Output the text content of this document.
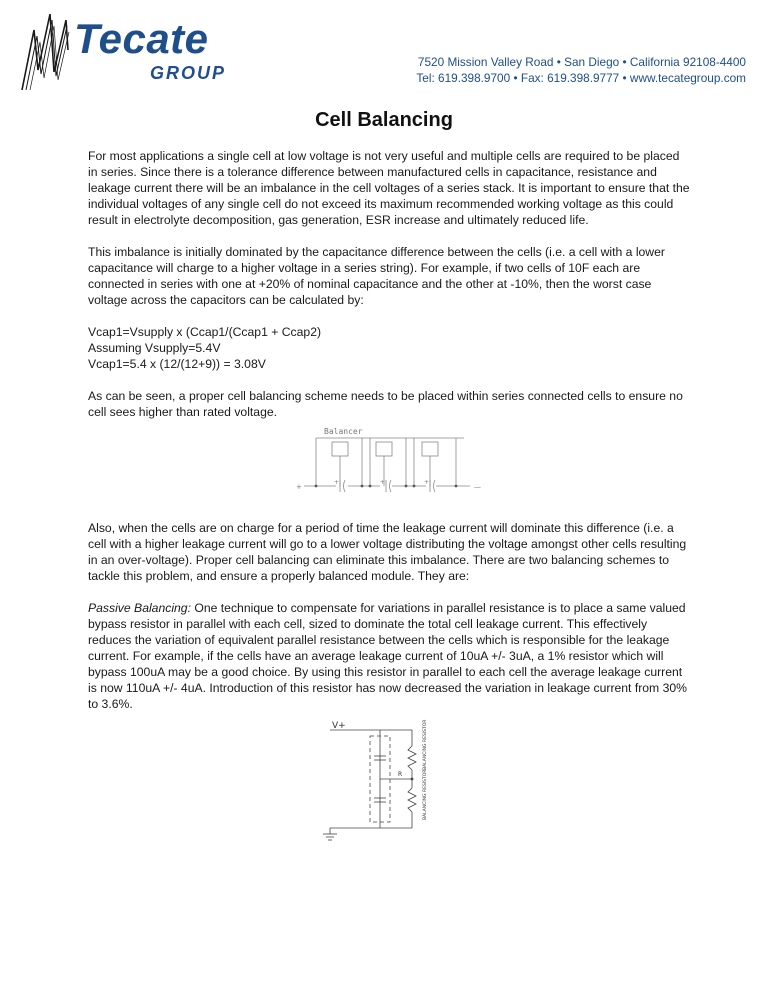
Tecate
GROUP
7520 Mission Valley Road • San Diego • California 92108-4400
Tel: 619.398.9700 • Fax: 619.398.9777 • www.tecategroup.com
Cell Balancing

For most applications a single cell at low voltage is not very useful and multiple cells are required to be placed in series. Since there is a tolerance difference between manufactured cells in capacitance, resistance and leakage current there will be an imbalance in the cell voltages of a series stack. It is important to ensure that the individual voltages of any single cell do not exceed its maximum recommended working voltage as this could result in electrolyte decomposition, gas generation, ESR increase and ultimately reduced life.

This imbalance is initially dominated by the capacitance difference between the cells (i.e. a cell with a lower capacitance will charge to a higher voltage in a series string). For example, if two cells of 10F each are connected in series with one at +20% of nominal capacitance and the other at -10%, then the worst case voltage across the capacitors can be calculated by:

Vcap1=Vsupply x (Ccap1/(Ccap1 + Ccap2)

Assuming Vsupply=5.4V

Vcap1=5.4 x (12/(12+9)) = 3.08V

As can be seen, a proper cell balancing scheme needs to be placed within series connected cells to ensure no cell sees higher than rated voltage.

Balancer
+
+	+	+
—

Also, when the cells are on charge for a period of time the leakage current will dominate this difference (i.e. a cell with a higher leakage current will go to a lower voltage distributing the voltage amongst other cells resulting in an over-voltage). Proper cell balancing can eliminate this imbalance. There are two balancing schemes to tackle this problem, and ensure a properly balanced module. They are:

Passive Balancing: One technique to compensate for variations in parallel resistance is to place a same valued bypass resistor in parallel with each cell, sized to dominate the total cell leakage current. This effectively reduces the variation of equivalent parallel resistance between the cells which is responsible for the leakage current. For example, if the cells have an average leakage current of 10uA +/- 3uA, a 1% resistor which will bypass 100uA may be a good choice. By using this resistor in parallel to each cell the average leakage current is now 110uA +/- 4uA. Introduction of this resistor has now decreased the variation in leakage current from 30% to 3.6%.

V+
R
BALANCING RESISTOR
BALANCING RESISTOR
